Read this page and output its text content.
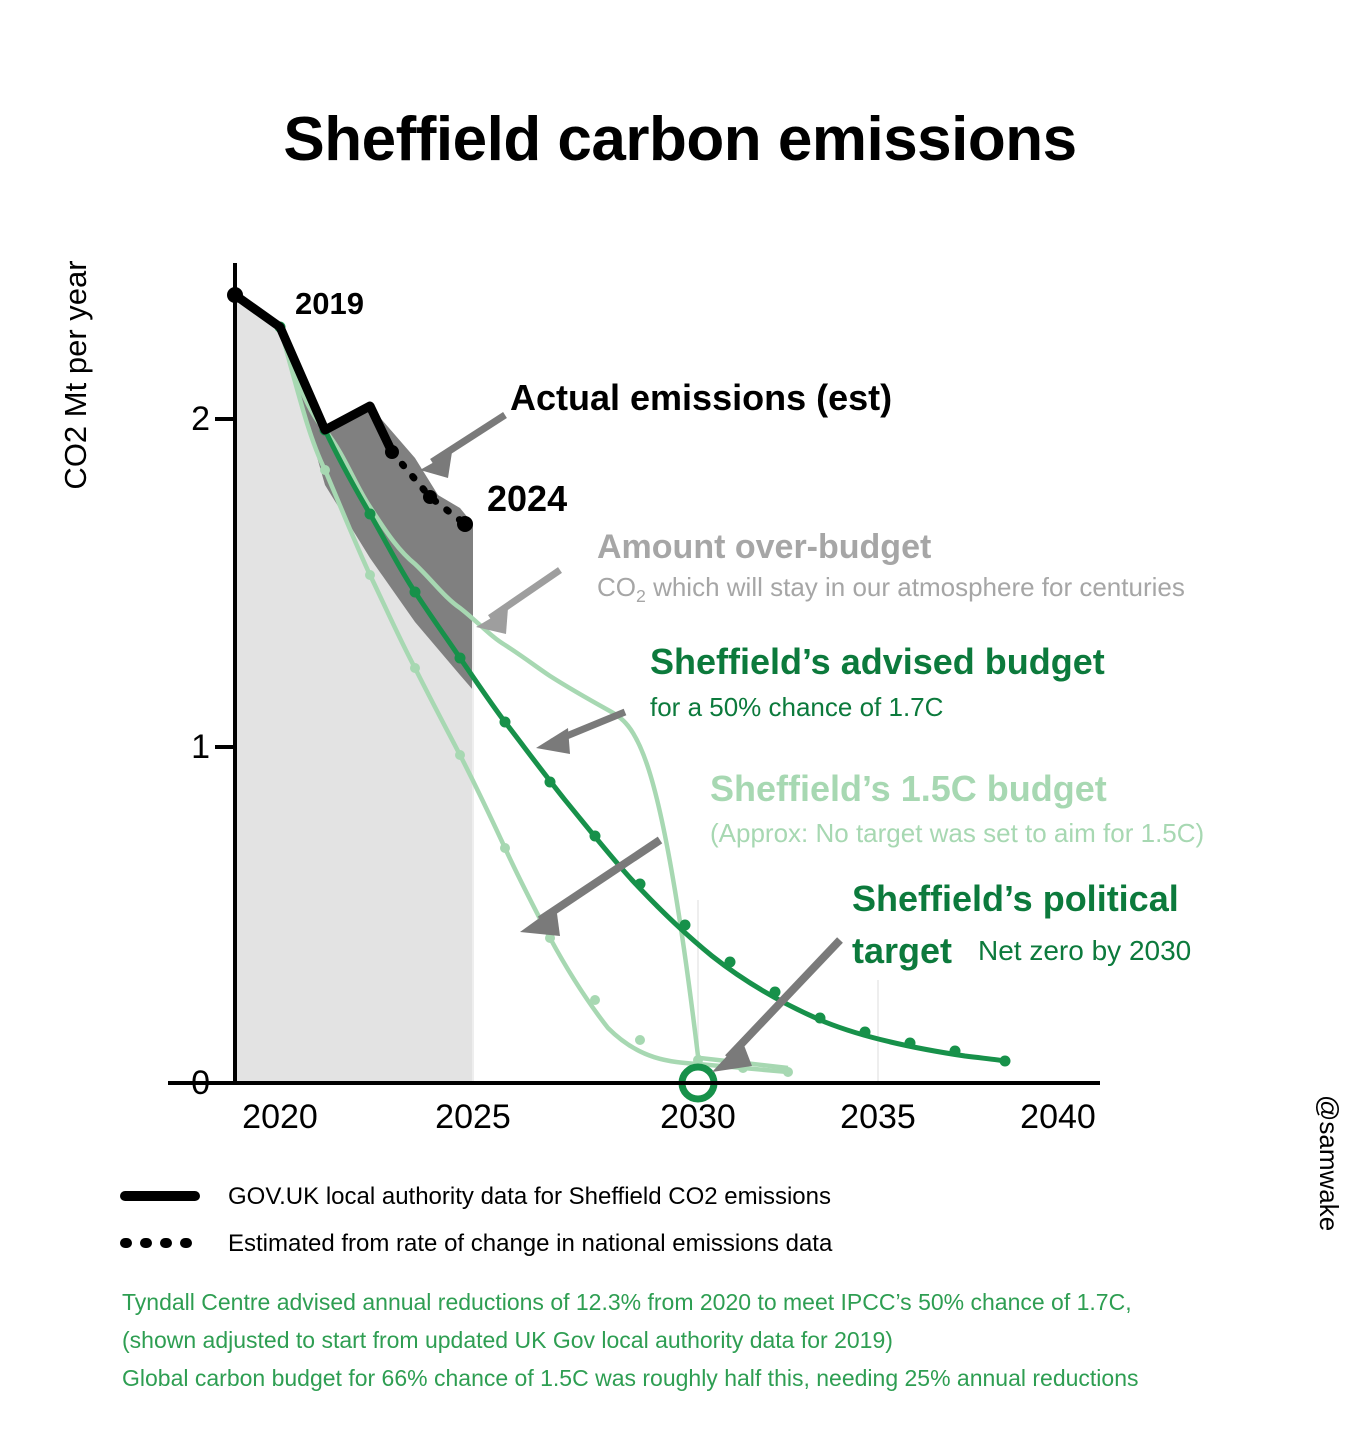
Sheffield carbon emissions
CO2 Mt per year
0
1
2
2020	2025	2030	2035	2040
2019
Actual emissions (est)
2024
Amount over-budget
$CO_2$ which will stay in our atmosphere for centuries
Sheffield’s advised budget
for a 50% chance of 1.7C
Sheffield’s 1.5C budget
(Approx: No target was set to aim for 1.5C)
Sheffield’s political
target Net zero by 2030
GOV.UK local authority data for Sheffield CO2 emissions
Estimated from rate of change in national emissions data
Tyndall Centre advised annual reductions of 12.3% from 2020 to meet IPCC’s 50% chance of 1.7C,
(shown adjusted to start from updated UK Gov local authority data for 2019)
Global carbon budget for 66% chance of 1.5C was roughly half this, needing 25% annual reductions
@samwake
